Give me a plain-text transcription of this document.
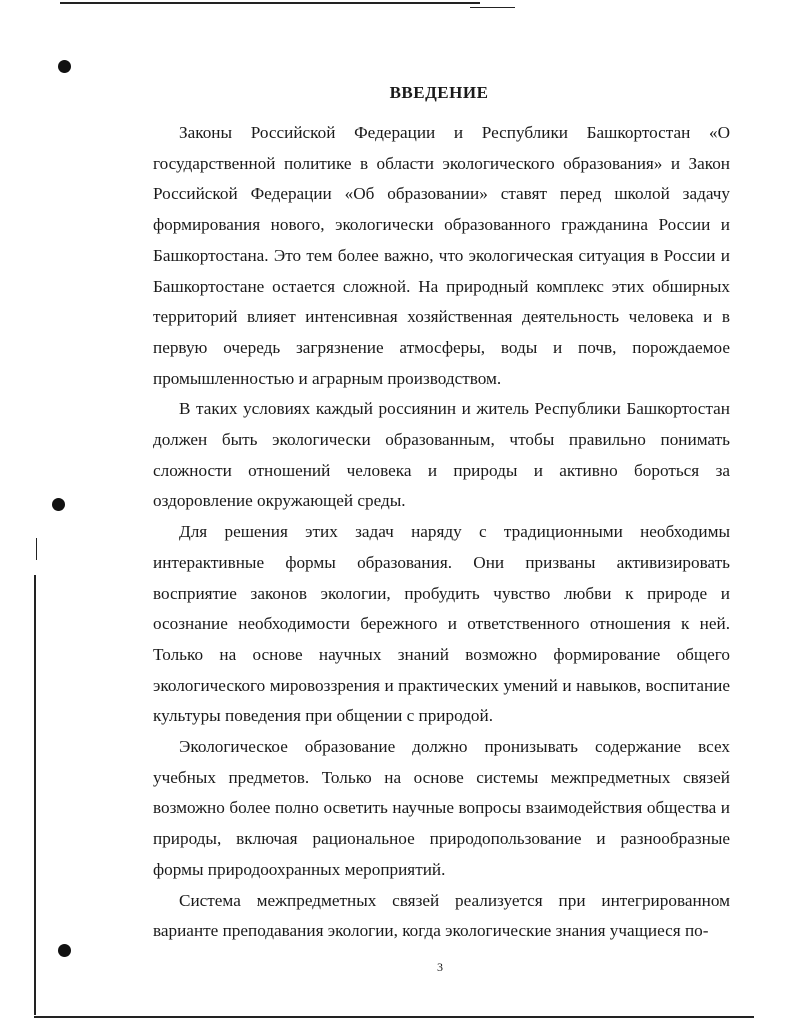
ВВЕДЕНИЕ

Законы Российской Федерации и Республики Башкортостан «О государственной политике в области экологического образования» и Закон Российской Федерации «Об образовании» ставят перед школой задачу формирования нового, экологически образованного гражданина России и Башкортостана. Это тем более важно, что экологическая ситуация в России и Башкортостане остается сложной. На природный комплекс этих обширных территорий влияет интенсивная хозяйственная деятельность человека и в первую очередь загрязнение атмосферы, воды и почв, порождаемое промышленностью и аграрным производством.

В таких условиях каждый россиянин и житель Республики Башкортостан должен быть экологически образованным, чтобы правильно понимать сложности отношений человека и природы и активно бороться за оздоровление окружающей среды.

Для решения этих задач наряду с традиционными необходимы интерактивные формы образования. Они призваны активизировать восприятие законов экологии, пробудить чувство любви к природе и осознание необходимости бережного и ответственного отношения к ней. Только на основе научных знаний возможно формирование общего экологического мировоззрения и практических умений и навыков, воспитание культуры поведения при общении с природой.

Экологическое образование должно пронизывать содержание всех учебных предметов. Только на основе системы межпредметных связей возможно более полно осветить научные вопросы взаимодействия общества и природы, включая рациональное природопользование и разнообразные формы природоохранных мероприятий.

Система межпредметных связей реализуется при интегрированном варианте преподавания экологии, когда экологические знания учащиеся по-

3
